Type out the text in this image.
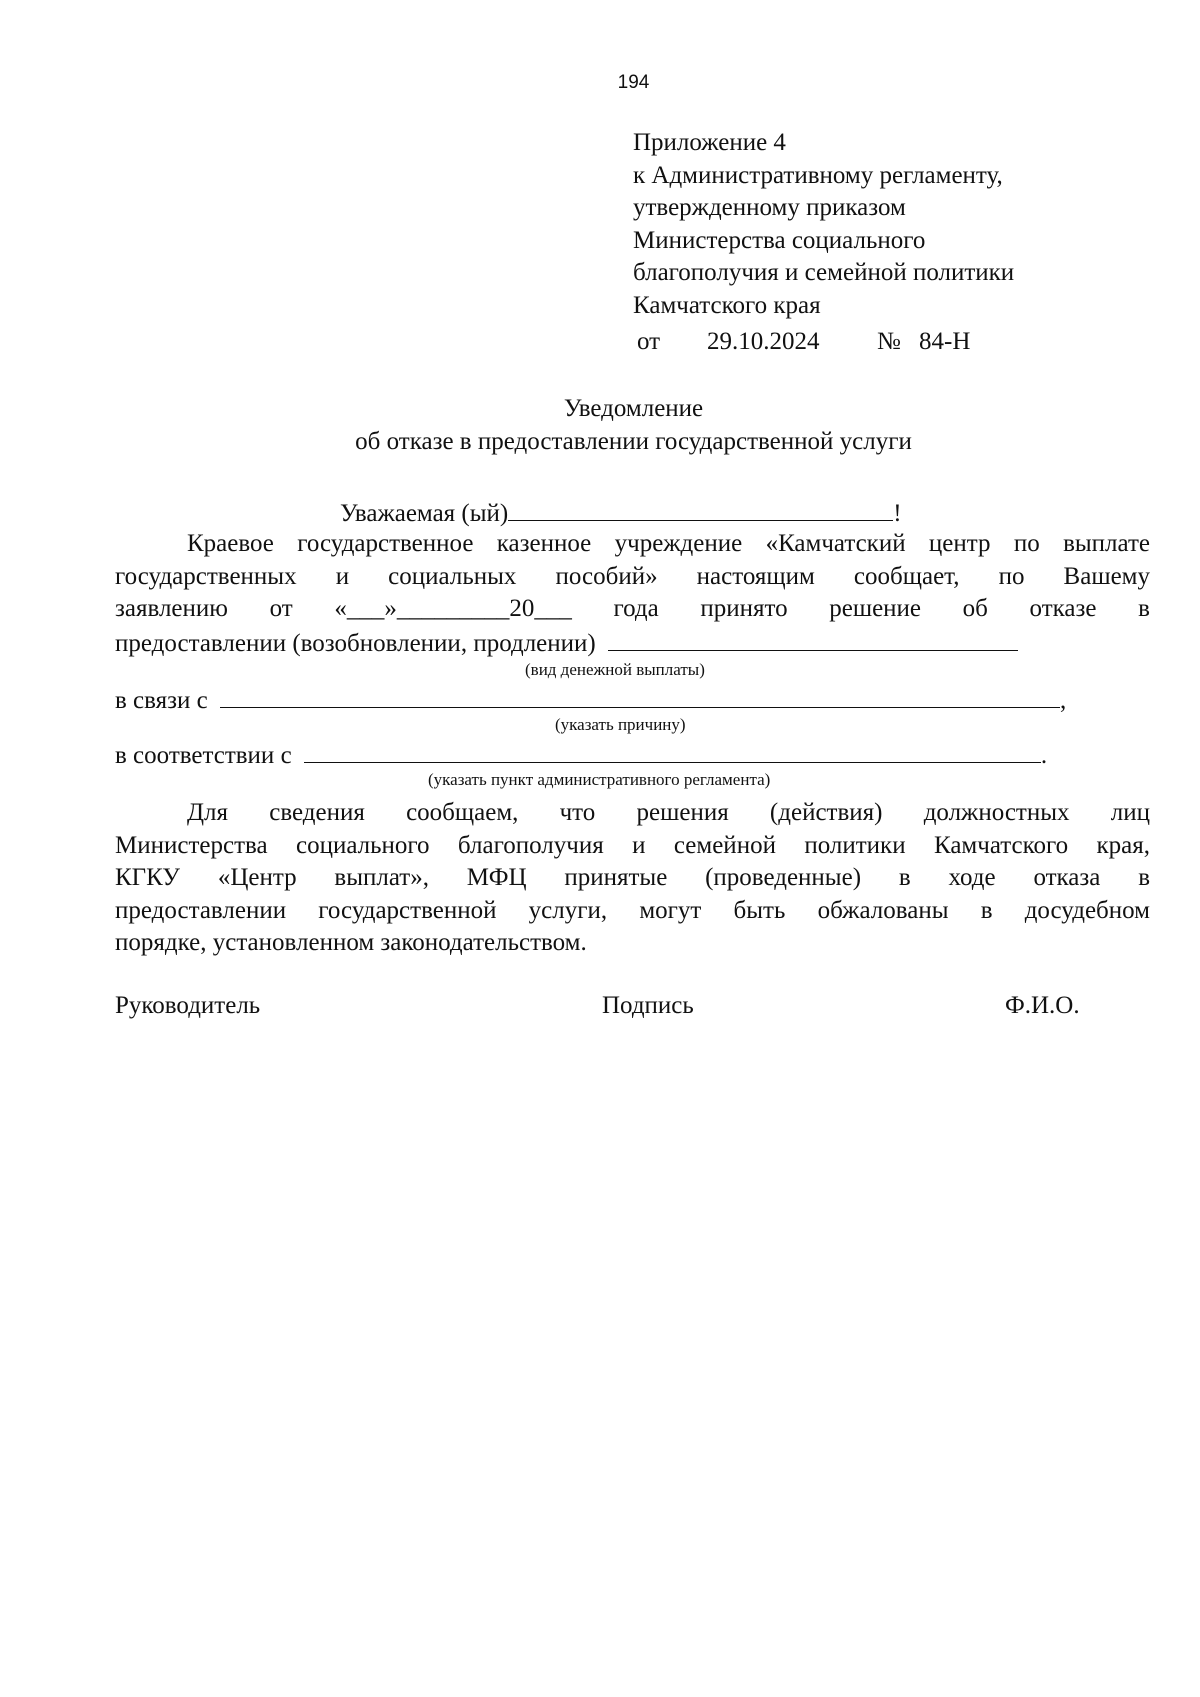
194
Приложение 4
к Административному регламенту,
утвержденному приказом
Министерства социального
благополучия и семейной политики
Камчатского края
от 29.10.2024 № 84-Н
Уведомление
об отказе в предоставлении государственной услуги
Уважаемая (ый)	!
Краевое государственное казенное учреждение «Камчатский центр по выплате
государственных и социальных пособий» настоящим сообщает, по Вашему
заявлению от «___»_________20___ года принято решение об отказе в
предоставлении (возобновлении, продлении)
(вид денежной выплаты)
в связи с	,
(указать причину)
в соответствии с	.
(указать пункт административного регламента)
Для сведения сообщаем, что решения (действия) должностных лиц
Министерства социального благополучия и семейной политики Камчатского края,
КГКУ «Центр выплат», МФЦ принятые (проведенные) в ходе отказа в
предоставлении государственной услуги, могут быть обжалованы в досудебном
порядке, установленном законодательством.
Руководитель	Подпись	Ф.И.О.
